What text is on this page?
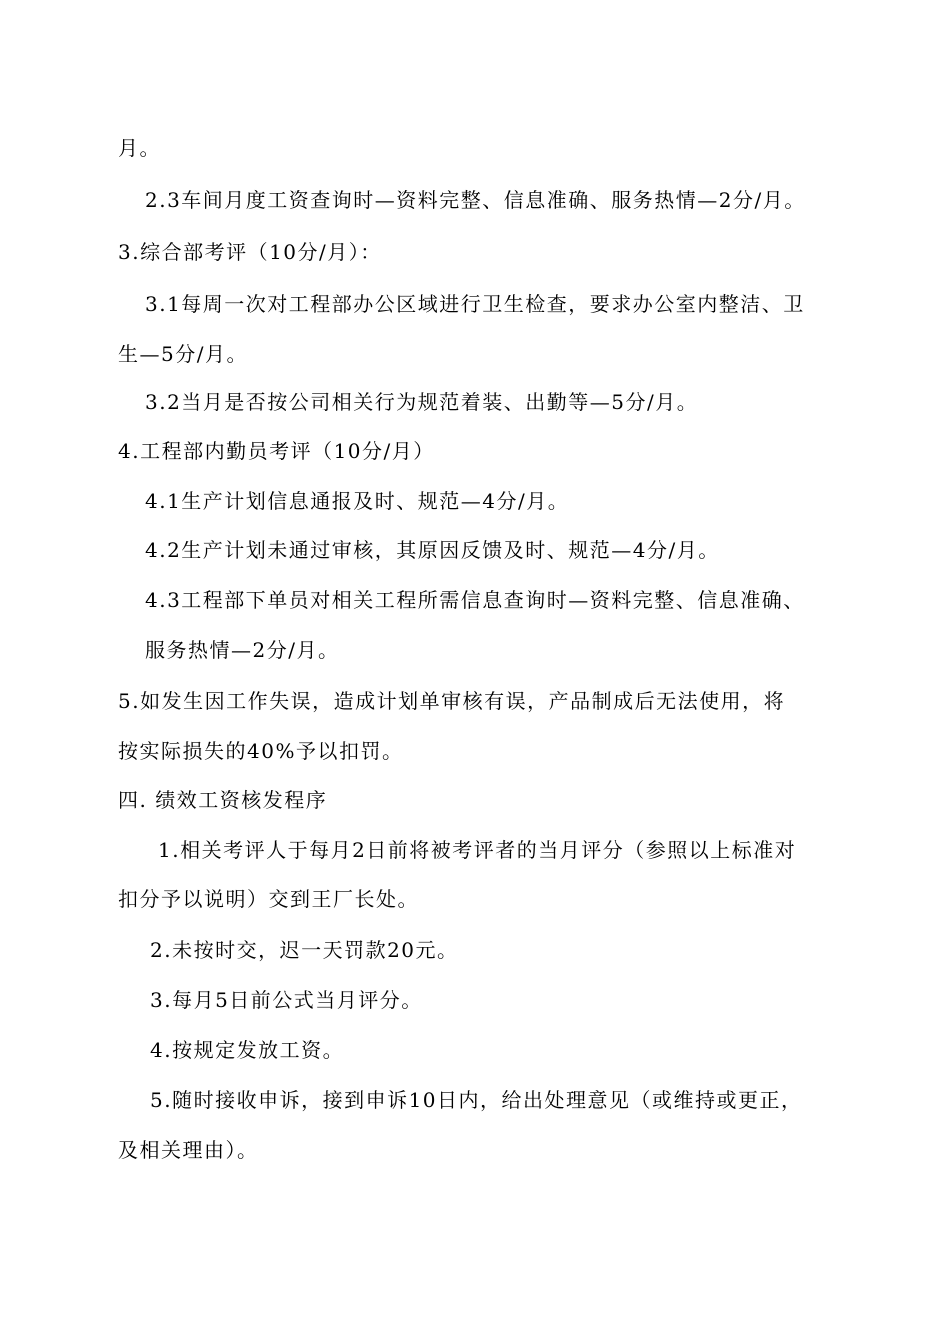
月。
2.3车间月度工资查询时—资料完整、信息准确、服务热情—2分/月。
3.综合部考评（10分/月）：
3.1每周一次对工程部办公区域进行卫生检查，要求办公室内整洁、卫
生—5分/月。
3.2当月是否按公司相关行为规范着装、出勤等—5分/月。
4.工程部内勤员考评（10分/月）
4.1生产计划信息通报及时、规范—4分/月。
4.2生产计划未通过审核，其原因反馈及时、规范—4分/月。
4.3工程部下单员对相关工程所需信息查询时—资料完整、信息准确、
服务热情—2分/月。
5.如发生因工作失误，造成计划单审核有误，产品制成后无法使用，将
按实际损失的40%予以扣罚。
四. 绩效工资核发程序
1.相关考评人于每月2日前将被考评者的当月评分（参照以上标准对
扣分予以说明）交到王厂长处。
2.未按时交，迟一天罚款20元。
3.每月5日前公式当月评分。
4.按规定发放工资。
5.随时接收申诉，接到申诉10日内，给出处理意见（或维持或更正，
及相关理由）。
